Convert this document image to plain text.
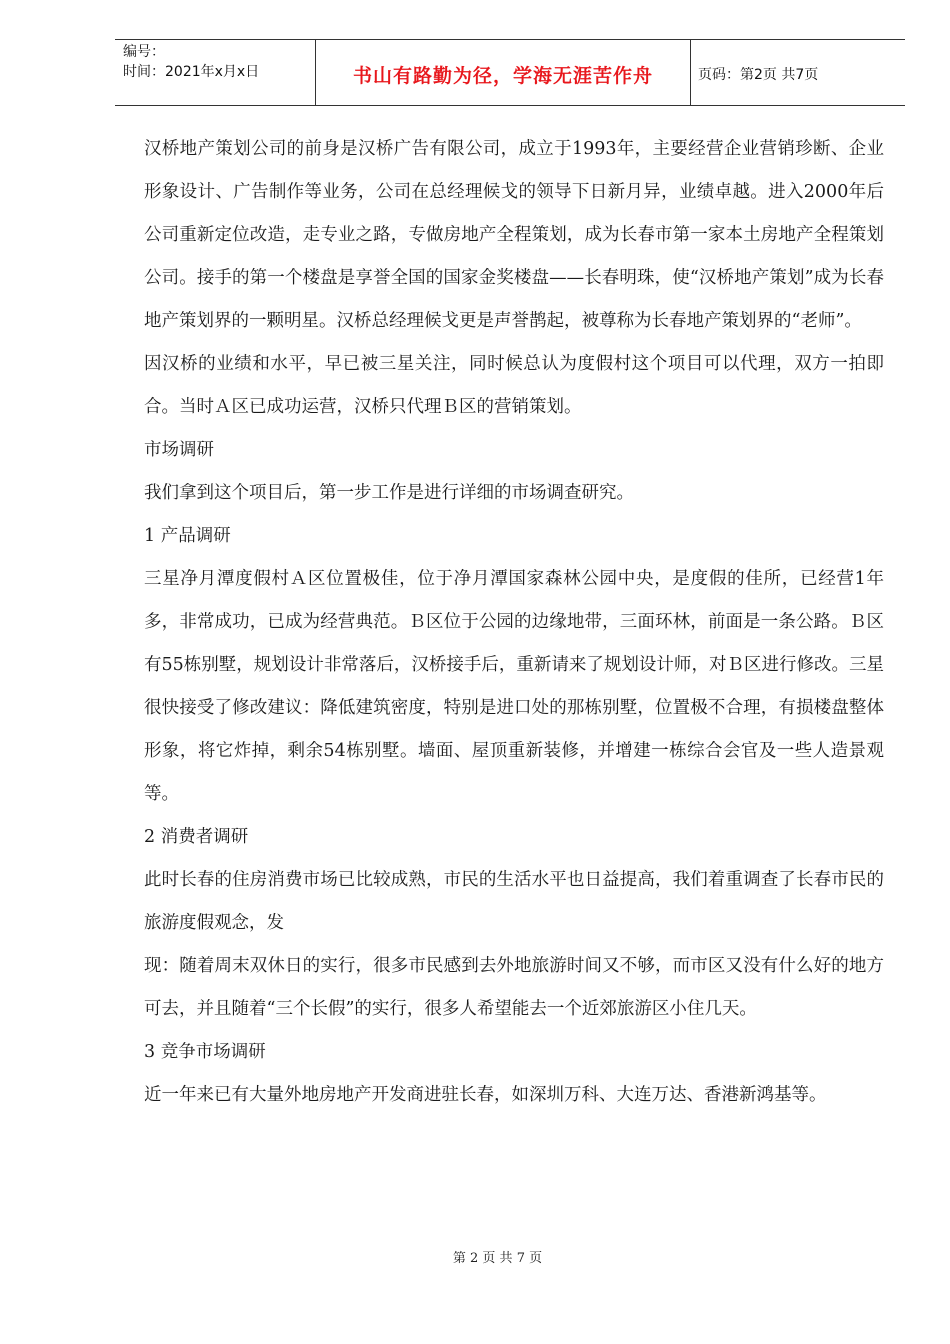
编号：
时间：2021年x月x日	书山有路勤为径，学海无涯苦作舟	页码：第2页 共7页

汉桥地产策划公司的前身是汉桥广告有限公司，成立于1993年，主要经营企业营销珍断、企业形象设计、广告制作等业务，公司在总经理候戈的领导下日新月异，业绩卓越。进入2000年后公司重新定位改造，走专业之路，专做房地产全程策划，成为长春市第一家本土房地产全程策划公司。接手的第一个楼盘是享誉全国的国家金奖楼盘——长春明珠，使“汉桥地产策划”成为长春地产策划界的一颗明星。汉桥总经理候戈更是声誉鹊起，被尊称为长春地产策划界的“老师”。

因汉桥的业绩和水平，早已被三星关注，同时候总认为度假村这个项目可以代理，双方一拍即合。当时Ａ区已成功运营，汉桥只代理Ｂ区的营销策划。

市场调研

我们拿到这个项目后，第一步工作是进行详细的市场调查研究。

1 产品调研

三星净月潭度假村Ａ区位置极佳，位于净月潭国家森林公园中央，是度假的佳所，已经营1年多，非常成功，已成为经营典范。Ｂ区位于公园的边缘地带，三面环林，前面是一条公路。Ｂ区有55栋别墅，规划设计非常落后，汉桥接手后，重新请来了规划设计师，对Ｂ区进行修改。三星很快接受了修改建议：降低建筑密度，特别是进口处的那栋别墅，位置极不合理，有损楼盘整体形象，将它炸掉，剩余54栋别墅。墙面、屋顶重新装修，并增建一栋综合会官及一些人造景观等。

2 消费者调研

此时长春的住房消费市场已比较成熟，市民的生活水平也日益提高，我们着重调查了长春市民的旅游度假观念，发

现：随着周末双休日的实行，很多市民感到去外地旅游时间又不够，而市区又没有什么好的地方可去，并且随着“三个长假”的实行，很多人希望能去一个近郊旅游区小住几天。

3 竞争市场调研

近一年来已有大量外地房地产开发商进驻长春，如深圳万科、大连万达、香港新鸿基等。

第 2 页 共 7 页
